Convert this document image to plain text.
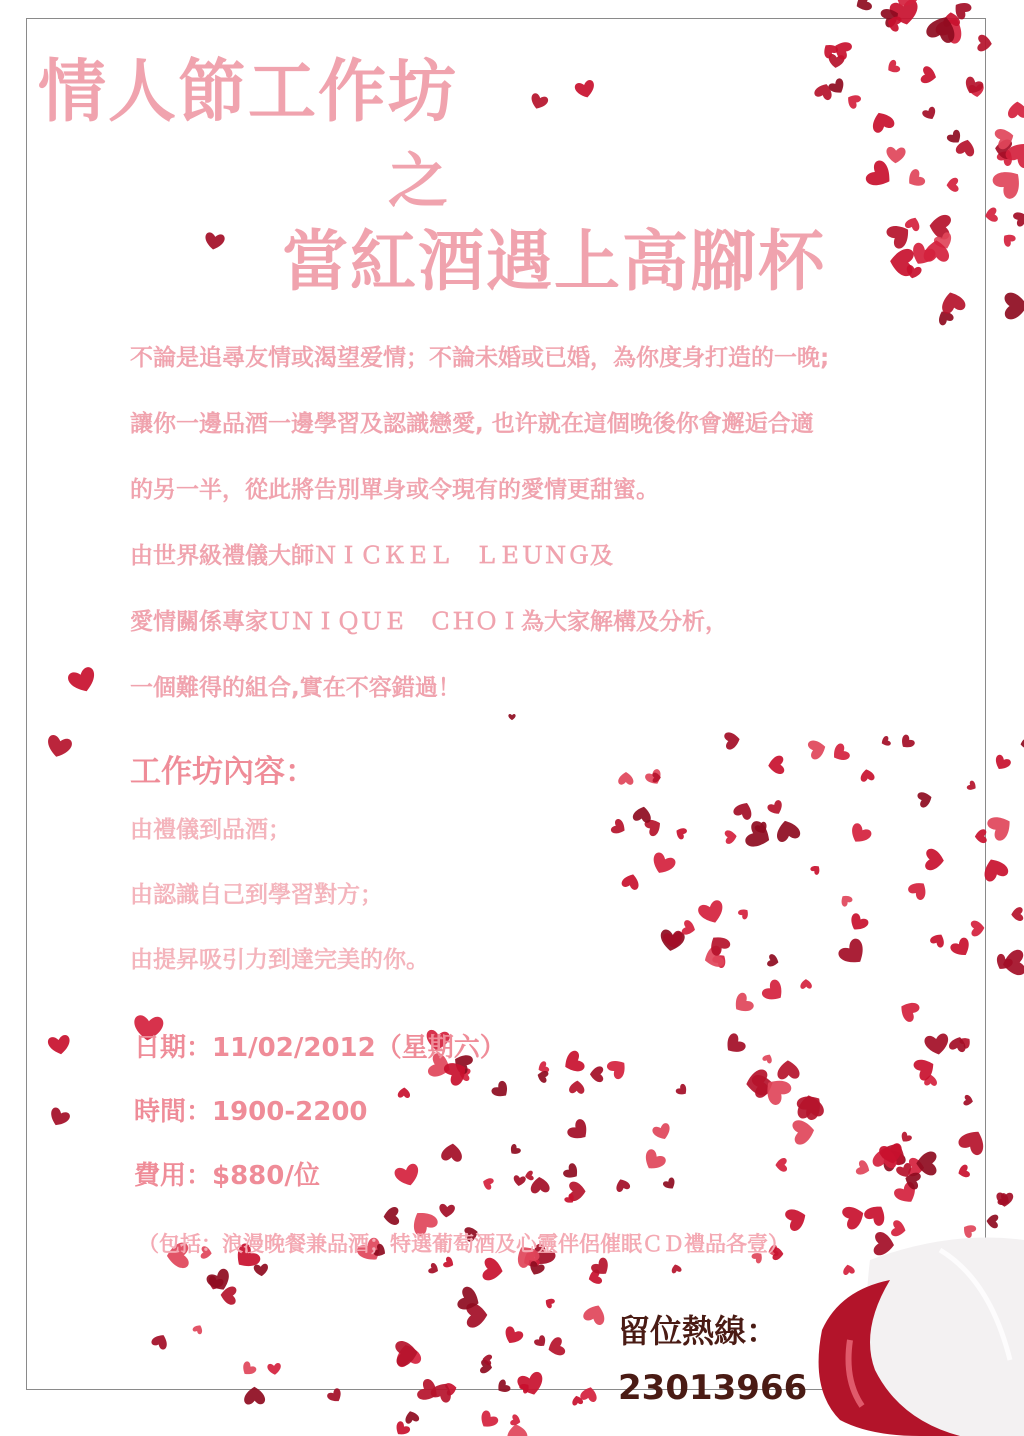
情人節工作坊
之
當紅酒遇上高腳杯

不論是追尋友情或渴望爱情；不論未婚或已婚，為你度身打造的一晚;

讓你一邊品酒一邊學習及認識戀愛, 也许就在這個晚後你會邂逅合適

的另一半，從此將告別單身或令現有的愛情更甜蜜。

由世界級禮儀大師ＮＩＣＫＥＬ　ＬＥＵＮＧ及

愛情關係專家ＵＮＩＱＵＥ　ＣＨＯＩ為大家解構及分析，

一個難得的組合,實在不容錯過！

工作坊內容：

由禮儀到品酒；

由認識自己到學習對方；

由提昇吸引力到達完美的你。

日期：11/02/2012（星期六）

時間：1900-2200

費用：$880/位

（包括：浪漫晚餐兼品酒；特選葡萄酒及心靈伴侶催眠ＣＤ禮品各壹）
留位熱線：
23013966
